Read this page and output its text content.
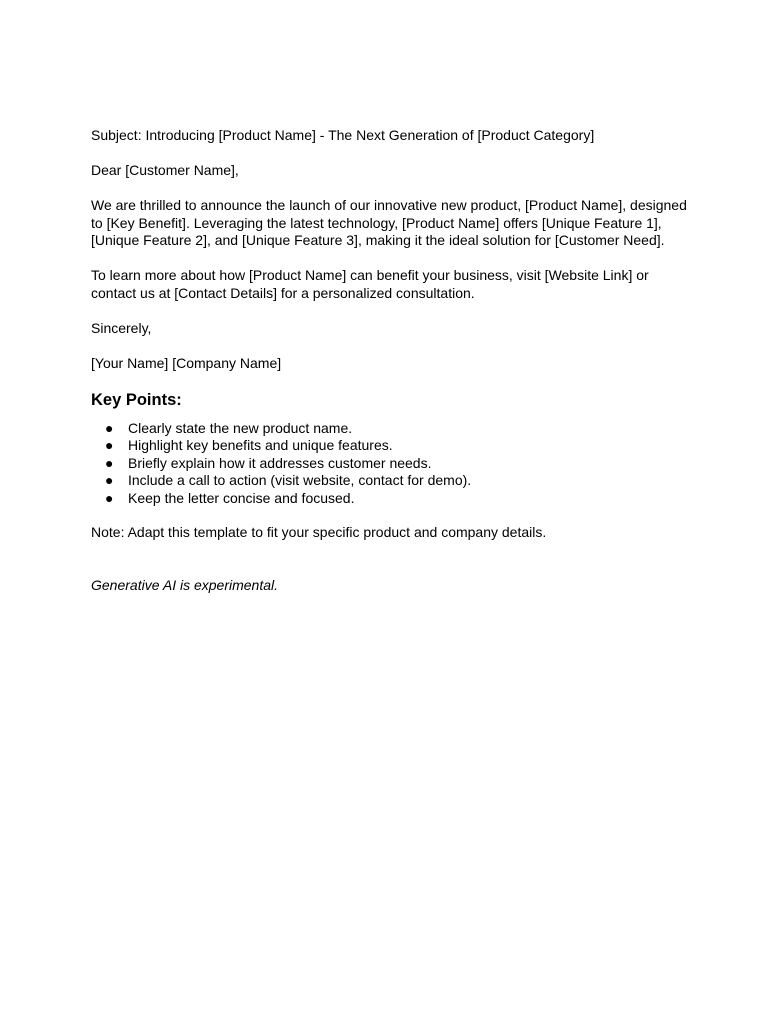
Subject: Introducing [Product Name] - The Next Generation of [Product Category]

Dear [Customer Name],

We are thrilled to announce the launch of our innovative new product, [Product Name], designed
to [Key Benefit]. Leveraging the latest technology, [Product Name] offers [Unique Feature 1],
[Unique Feature 2], and [Unique Feature 3], making it the ideal solution for [Customer Need].

To learn more about how [Product Name] can benefit your business, visit [Website Link] or
contact us at [Contact Details] for a personalized consultation.

Sincerely,

[Your Name] [Company Name]

Key Points:
● Clearly state the new product name.
● Highlight key benefits and unique features.
● Briefly explain how it addresses customer needs.
● Include a call to action (visit website, contact for demo).
● Keep the letter concise and focused.

Note: Adapt this template to fit your specific product and company details.

Generative AI is experimental.
